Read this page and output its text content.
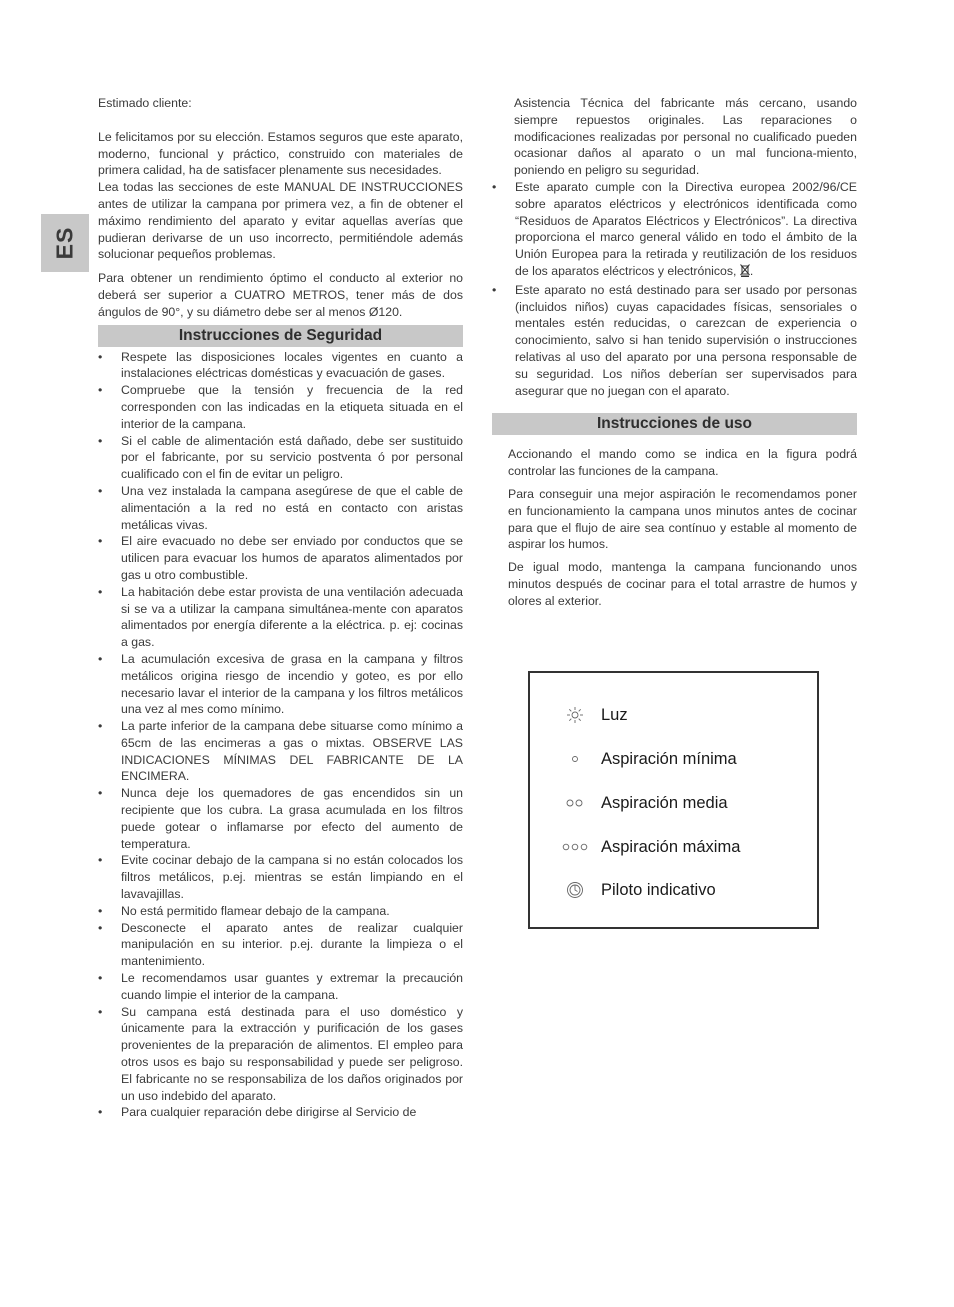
ES

Estimado cliente:

Le felicitamos por su elección. Estamos seguros que este aparato, moderno, funcional y práctico, construido con materiales de primera calidad, ha de satisfacer plenamente sus necesidades.

Lea todas las secciones de este MANUAL DE INSTRUCCIONES antes de utilizar la campana por primera vez, a fin de obtener el máximo rendimiento del aparato y evitar aquellas averías que pudieran derivarse de un uso incorrecto, permitiéndole además solucionar pequeños problemas.

Para obtener un rendimiento óptimo el conducto al exterior no deberá ser superior a CUATRO METROS, tener más de dos ángulos de 90°, y su diámetro debe ser al menos Ø120.

Instrucciones de Seguridad
• Respete las disposiciones locales vigentes en cuanto a instalaciones eléctricas domésticas y evacuación de gases.
• Compruebe que la tensión y frecuencia de la red corresponden con las indicadas en la etiqueta situada en el interior de la campana.
• Si el cable de alimentación está dañado, debe ser sustituido por el fabricante, por su servicio postventa ó por personal cualificado con el fin de evitar un peligro.
• Una vez instalada la campana asegúrese de que el cable de alimentación a la red no está en contacto con aristas metálicas vivas.
• El aire evacuado no debe ser enviado por conductos que se utilicen para evacuar los humos de aparatos alimentados por gas u otro combustible.
• La habitación debe estar provista de una ventilación adecuada si se va a utilizar la campana simultánea-mente con aparatos alimentados por energía diferente a la eléctrica. p. ej: cocinas a gas.
• La acumulación excesiva de grasa en la campana y filtros metálicos origina riesgo de incendio y goteo, es por ello necesario lavar el interior de la campana y los filtros metálicos una vez al mes como mínimo.
• La parte inferior de la campana debe situarse como mínimo a 65cm de las encimeras a gas o mixtas. OBSERVE LAS INDICACIONES MÍNIMAS DEL FABRICANTE DE LA ENCIMERA.
• Nunca deje los quemadores de gas encendidos sin un recipiente que los cubra. La grasa acumulada en los filtros puede gotear o inflamarse por efecto del aumento de temperatura.
• Evite cocinar debajo de la campana si no están colocados los filtros metálicos, p.ej. mientras se están limpiando en el lavavajillas.
• No está permitido flamear debajo de la campana.
• Desconecte el aparato antes de realizar cualquier manipulación en su interior. p.ej. durante la limpieza o el mantenimiento.
• Le recomendamos usar guantes y extremar la precaución cuando limpie el interior de la campana.
• Su campana está destinada para el uso doméstico y únicamente para la extracción y purificación de los gases provenientes de la preparación de alimentos. El empleo para otros usos es bajo su responsabilidad y puede ser peligroso. El fabricante no se responsabiliza de los daños originados por un uso indebido del aparato.
• Para cualquier reparación debe dirigirse al Servicio de

Asistencia Técnica del fabricante más cercano, usando siempre repuestos originales. Las reparaciones o modificaciones realizadas por personal no cualificado pueden ocasionar daños al aparato o un mal funciona-miento, poniendo en peligro su seguridad.

• Este aparato cumple con la Directiva europea 2002/96/CE sobre aparatos eléctricos y electrónicos identificada como “Residuos de Aparatos Eléctricos y Electrónicos”. La directiva proporciona el marco general válido en todo el ámbito de la Unión Europea para la retirada y reutilización de los residuos de los aparatos eléctricos y electrónicos, .
• Este aparato no está destinado para ser usado por personas (incluidos niños) cuyas capacidades físicas, sensoriales o mentales estén reducidas, o carezcan de experiencia o conocimiento, salvo si han tenido supervisión o instrucciones relativas al uso del aparato por una persona responsable de su seguridad. Los niños deberían ser supervisados para asegurar que no juegan con el aparato.
Instrucciones de uso

Accionando el mando como se indica en la figura podrá controlar las funciones de la campana.

Para conseguir una mejor aspiración le recomendamos poner en funcionamiento la campana unos minutos antes de cocinar para que el flujo de aire sea contínuo y estable al momento de aspirar los humos.

De igual modo, mantenga la campana funcionando unos minutos después de cocinar para el total arrastre de humos y olores al exterior.

Luz
Aspiración mínima
Aspiración media
Aspiración máxima
Piloto indicativo
